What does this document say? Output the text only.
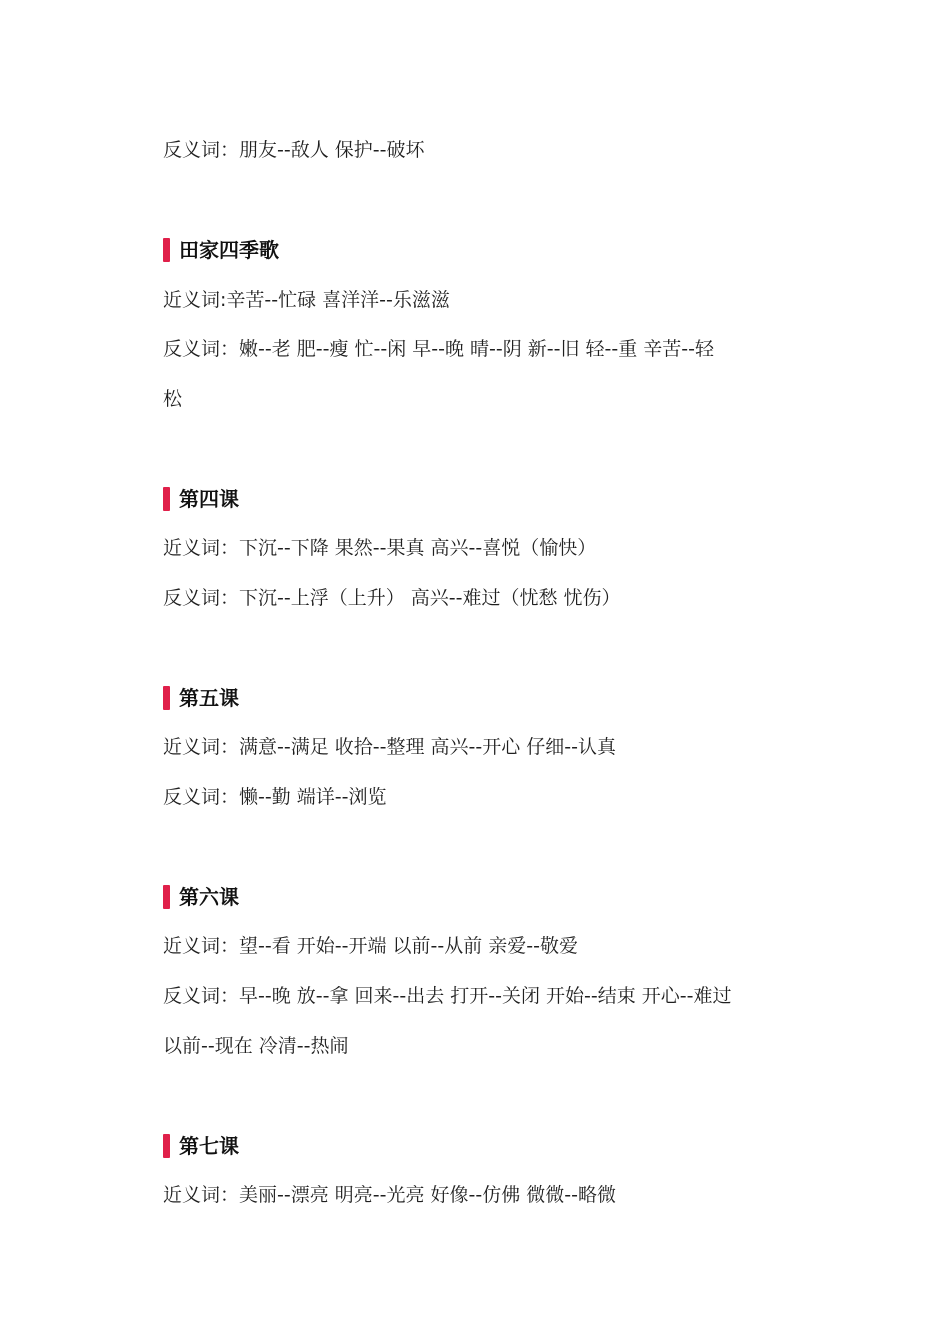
反义词：朋友--敌人 保护--破坏
田家四季歌
近义词:辛苦--忙碌 喜洋洋--乐滋滋
反义词：嫩--老 肥--瘦 忙--闲 早--晚 晴--阴 新--旧 轻--重 辛苦--轻
松
第四课
近义词：下沉--下降 果然--果真 高兴--喜悦（愉快）
反义词：下沉--上浮（上升） 高兴--难过（忧愁 忧伤）
第五课
近义词：满意--满足 收拾--整理 高兴--开心 仔细--认真
反义词：懒--勤 端详--浏览
第六课
近义词：望--看 开始--开端 以前--从前 亲爱--敬爱
反义词：早--晚 放--拿 回来--出去 打开--关闭 开始--结束 开心--难过
以前--现在 冷清--热闹
第七课
近义词：美丽--漂亮 明亮--光亮 好像--仿佛 微微--略微
